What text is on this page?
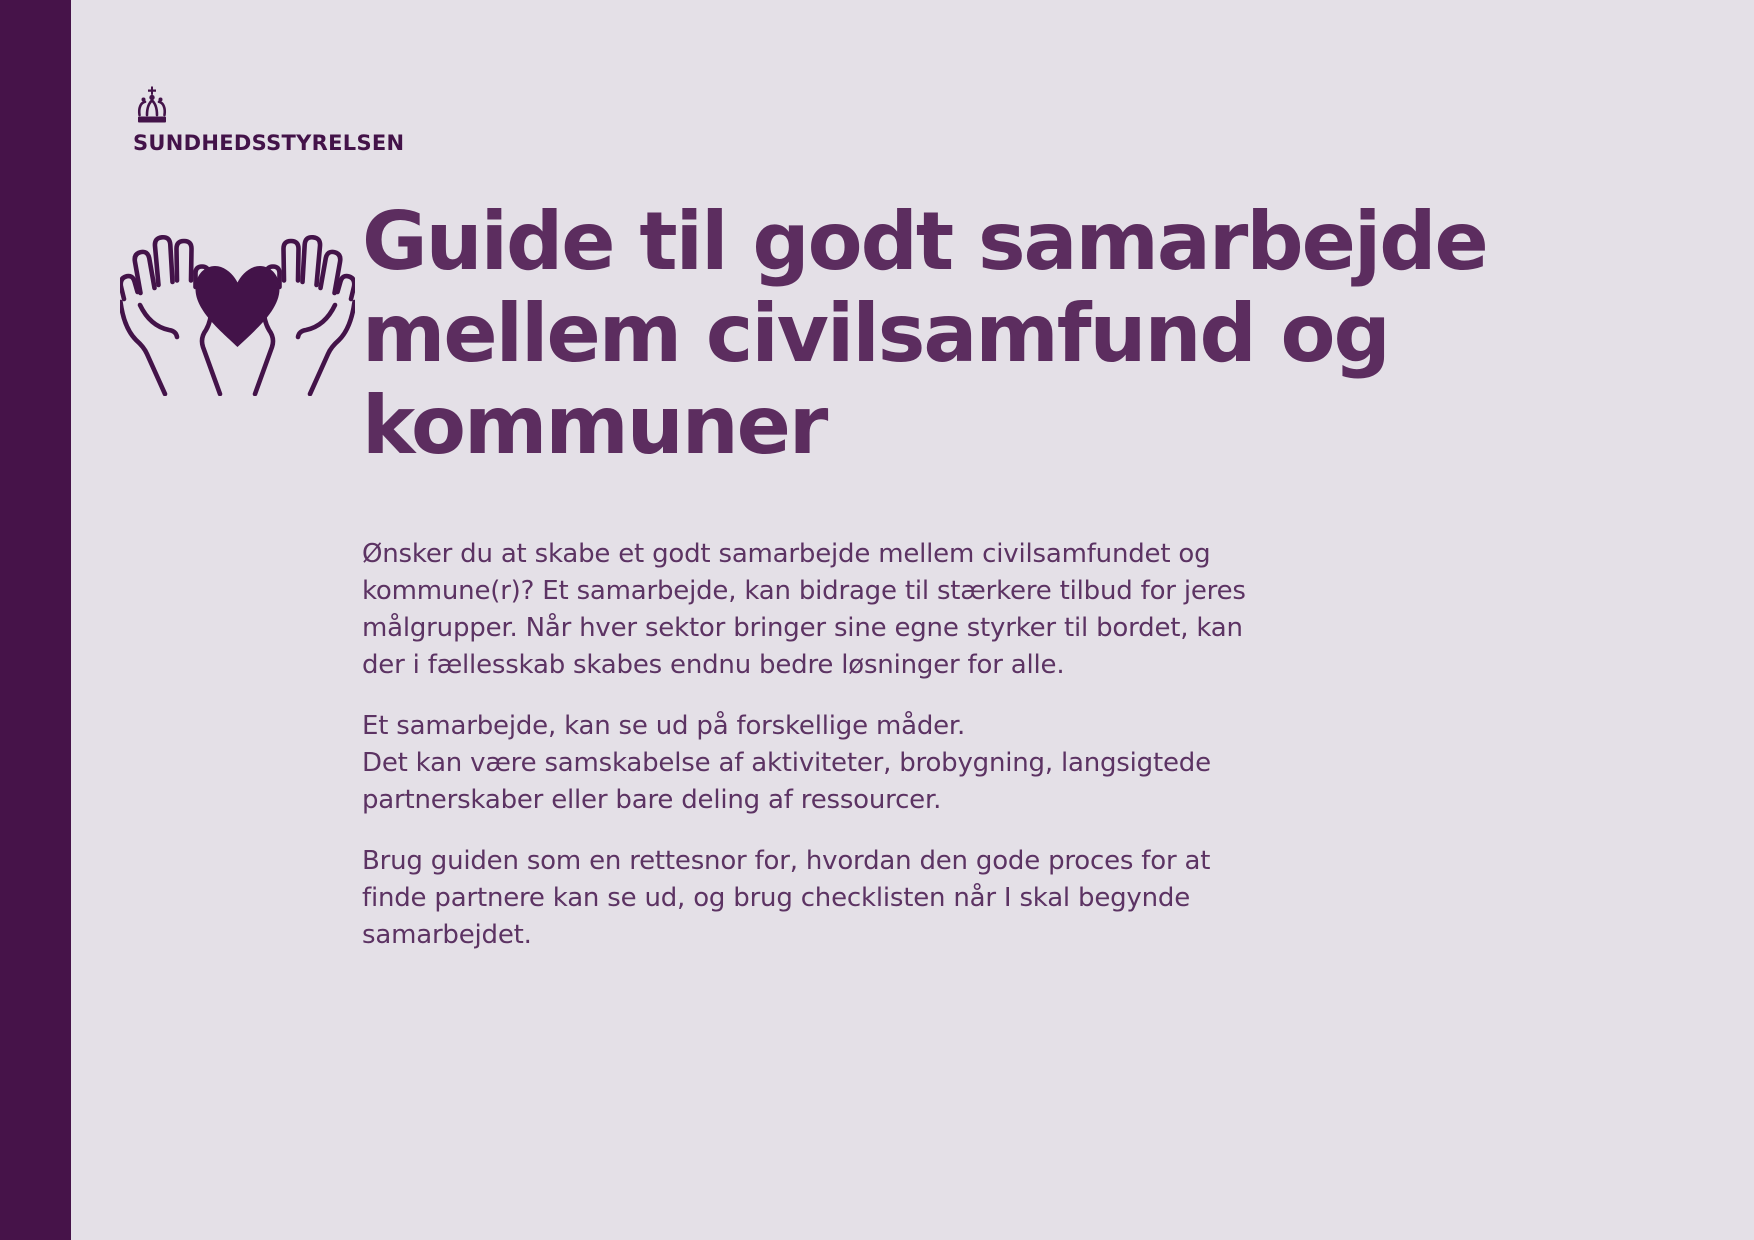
SUNDHEDSSTYRELSEN
Guide til godt samarbejde
mellem civilsamfund og
kommuner

Ønsker du at skabe et godt samarbejde mellem civilsamfundet og
kommune(r)? Et samarbejde, kan bidrage til stærkere tilbud for jeres
målgrupper. Når hver sektor bringer sine egne styrker til bordet, kan
der i fællesskab skabes endnu bedre løsninger for alle.

Et samarbejde, kan se ud på forskellige måder.
Det kan være samskabelse af aktiviteter, brobygning, langsigtede
partnerskaber eller bare deling af ressourcer.

Brug guiden som en rettesnor for, hvordan den gode proces for at
finde partnere kan se ud, og brug checklisten når I skal begynde
samarbejdet.
